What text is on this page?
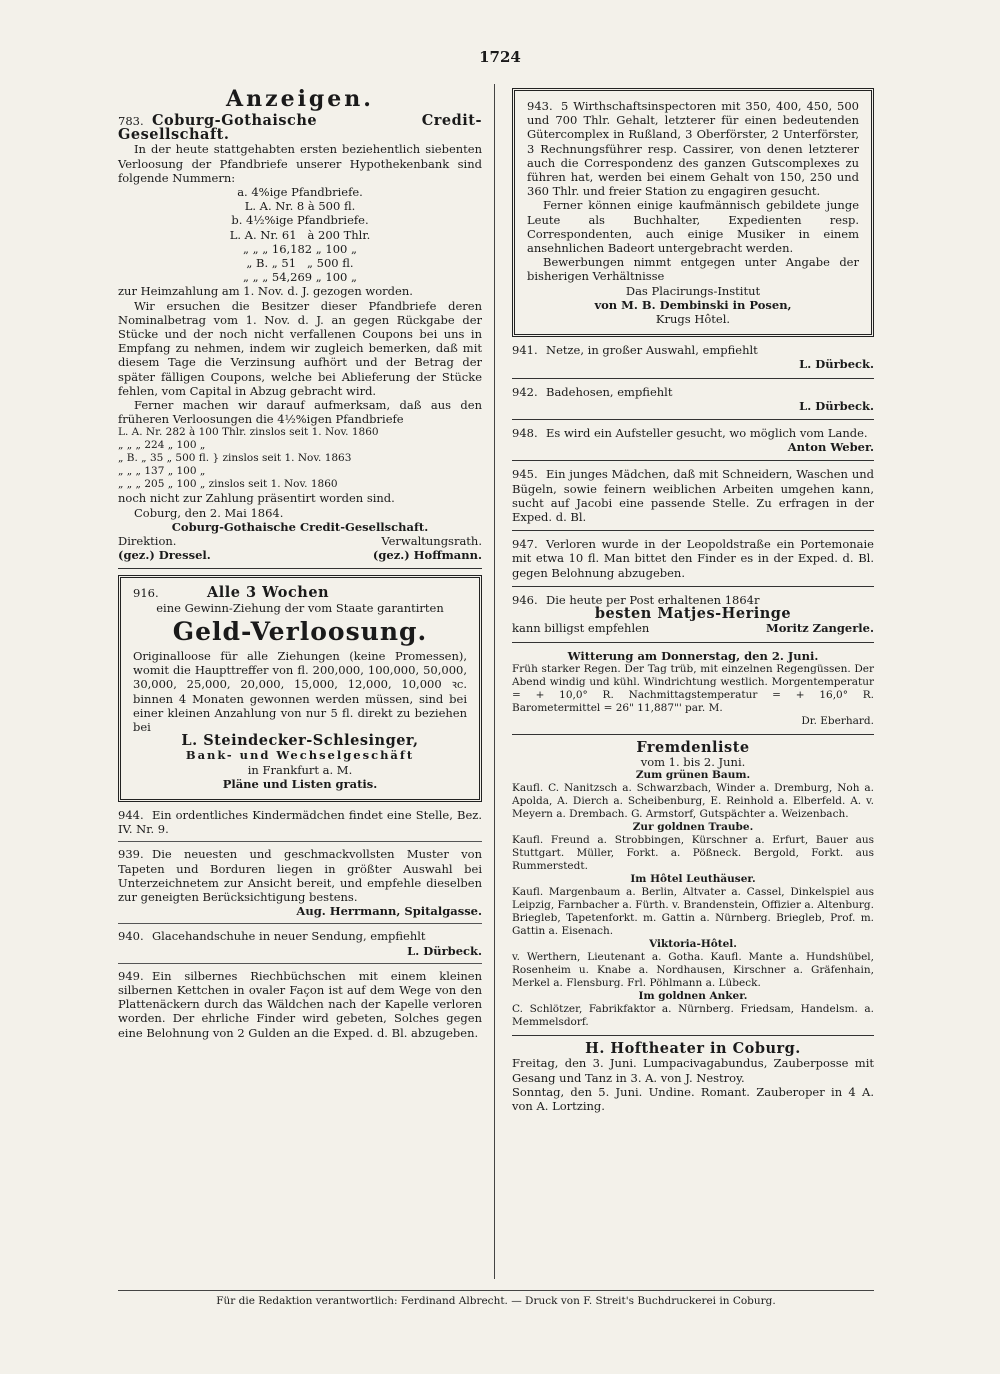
1724
Anzeigen.

783. Coburg-Gothaische Credit-Gesellschaft.

In der heute stattgehabten ersten beziehentlich siebenten Verloosung der Pfandbriefe unserer Hypothekenbank sind folgende Nummern:

a. 4%ige Pfandbriefe.

L. A. Nr. 8 à 500 fl.

b. 4½%ige Pfandbriefe.

L. A. Nr. 61   à 200 Thlr.

„ „ „ 16,182 „ 100 „

„ B. „ 51   „ 500 fl.

„ „ „ 54,269 „ 100 „

zur Heimzahlung am 1. Nov. d. J. gezogen worden.

Wir ersuchen die Besitzer dieser Pfandbriefe deren Nominalbetrag vom 1. Nov. d. J. an gegen Rückgabe der Stücke und der noch nicht verfallenen Coupons bei uns in Empfang zu nehmen, indem wir zugleich bemerken, daß mit diesem Tage die Verzinsung aufhört und der Betrag der später fälligen Coupons, welche bei Ablieferung der Stücke fehlen, vom Capital in Abzug gebracht wird.

Ferner machen wir darauf aufmerksam, daß aus den früheren Verloosungen die 4½%igen Pfandbriefe

L. A. Nr. 282 à 100 Thlr. zinslos seit 1. Nov. 1860

„ „ „ 224 „ 100 „

„ B. „ 35 „ 500 fl. } zinslos seit 1. Nov. 1863

„ „ „ 137 „ 100 „

„ „ „ 205 „ 100 „ zinslos seit 1. Nov. 1860

noch nicht zur Zahlung präsentirt worden sind.

Coburg, den 2. Mai 1864.

Coburg-Gothaische Credit-Gesellschaft.

Direktion.	Verwaltungsrath.
(gez.) Dressel.	(gez.) Hoffmann.

916.	Alle 3 Wochen

eine Gewinn-Ziehung der vom Staate garantirten

Geld-Verloosung.

Originalloose für alle Ziehungen (keine Promessen), womit die Haupttreffer von fl. 200,000, 100,000, 50,000, 30,000, 25,000, 20,000, 15,000, 12,000, 10,000 ꝛc. binnen 4 Monaten gewonnen werden müssen, sind bei einer kleinen Anzahlung von nur 5 fl. direkt zu beziehen bei

L. Steindecker-Schlesinger,

Bank- und Wechselgeschäft

in Frankfurt a. M.

Pläne und Listen gratis.

944. Ein ordentliches Kindermädchen findet eine Stelle, Bez. IV. Nr. 9.

939. Die neuesten und geschmackvollsten Muster von Tapeten und Borduren liegen in größter Auswahl bei Unterzeichnetem zur Ansicht bereit, und empfehle dieselben zur geneigten Berücksichtigung bestens.

Aug. Herrmann, Spitalgasse.

940. Glacehandschuhe in neuer Sendung, empfiehlt

L. Dürbeck.

949. Ein silbernes Riechbüchschen mit einem kleinen silbernen Kettchen in ovaler Façon ist auf dem Wege von den Plattenäckern durch das Wäldchen nach der Kapelle verloren worden. Der ehrliche Finder wird gebeten, Solches gegen eine Belohnung von 2 Gulden an die Exped. d. Bl. abzugeben.

943. 5 Wirthschaftsinspectoren mit 350, 400, 450, 500 und 700 Thlr. Gehalt, letzterer für einen bedeutenden Gütercomplex in Rußland, 3 Oberförster, 2 Unterförster, 3 Rechnungsführer resp. Cassirer, von denen letzterer auch die Correspondenz des ganzen Gutscomplexes zu führen hat, werden bei einem Gehalt von 150, 250 und 360 Thlr. und freier Station zu engagiren gesucht.

Ferner können einige kaufmännisch gebildete junge Leute als Buchhalter, Expedienten resp. Correspondenten, auch einige Musiker in einem ansehnlichen Badeort untergebracht werden.

Bewerbungen nimmt entgegen unter Angabe der bisherigen Verhältnisse

Das Placirungs-Institut

von M. B. Dembinski in Posen,

Krugs Hôtel.

941. Netze, in großer Auswahl, empfiehlt

L. Dürbeck.

942. Badehosen, empfiehlt

L. Dürbeck.

948. Es wird ein Aufsteller gesucht, wo möglich vom Lande.

Anton Weber.

945. Ein junges Mädchen, daß mit Schneidern, Waschen und Bügeln, sowie feinern weiblichen Arbeiten umgehen kann, sucht auf Jacobi eine passende Stelle. Zu erfragen in der Exped. d. Bl.

947. Verloren wurde in der Leopoldstraße ein Portemonaie mit etwa 10 fl. Man bittet den Finder es in der Exped. d. Bl. gegen Belohnung abzugeben.

946. Die heute per Post erhaltenen 1864r

besten Matjes-Heringe

kann billigst empfehlen	Moritz Zangerle.

Witterung am Donnerstag, den 2. Juni.

Früh starker Regen. Der Tag trüb, mit einzelnen Regengüssen. Der Abend windig und kühl. Windrichtung westlich. Morgentemperatur = + 10,0° R. Nachmittagstemperatur = + 16,0° R. Barometermittel = 26" 11,887"' par. M.

Dr. Eberhard.

Fremdenliste

vom 1. bis 2. Juni.

Zum grünen Baum.

Kaufl. C. Nanitzsch a. Schwarzbach, Winder a. Dremburg, Noh a. Apolda, A. Dierch a. Scheibenburg, E. Reinhold a. Elberfeld. A. v. Meyern a. Drembach. G. Armstorf, Gutspächter a. Weizenbach.

Zur goldnen Traube.

Kaufl. Freund a. Strobbingen, Kürschner a. Erfurt, Bauer aus Stuttgart. Müller, Forkt. a. Pößneck. Bergold, Forkt. aus Rummerstedt.

Im Hôtel Leuthäuser.

Kaufl. Margenbaum a. Berlin, Altvater a. Cassel, Dinkelspiel aus Leipzig, Farnbacher a. Fürth. v. Brandenstein, Offizier a. Altenburg. Briegleb, Tapetenforkt. m. Gattin a. Nürnberg. Briegleb, Prof. m. Gattin a. Eisenach.

Viktoria-Hôtel.

v. Werthern, Lieutenant a. Gotha. Kaufl. Mante a. Hundshübel, Rosenheim u. Knabe a. Nordhausen, Kirschner a. Gräfenhain, Merkel a. Flensburg. Frl. Pöhlmann a. Lübeck.

Im goldnen Anker.

C. Schlötzer, Fabrikfaktor a. Nürnberg. Friedsam, Handelsm. a. Memmelsdorf.

H. Hoftheater in Coburg.

Freitag, den 3. Juni. Lumpacivagabundus, Zauberposse mit Gesang und Tanz in 3. A. von J. Nestroy.

Sonntag, den 5. Juni. Undine. Romant. Zauberoper in 4 A. von A. Lortzing.

Für die Redaktion verantwortlich: Ferdinand Albrecht. — Druck von F. Streit's Buchdruckerei in Coburg.
